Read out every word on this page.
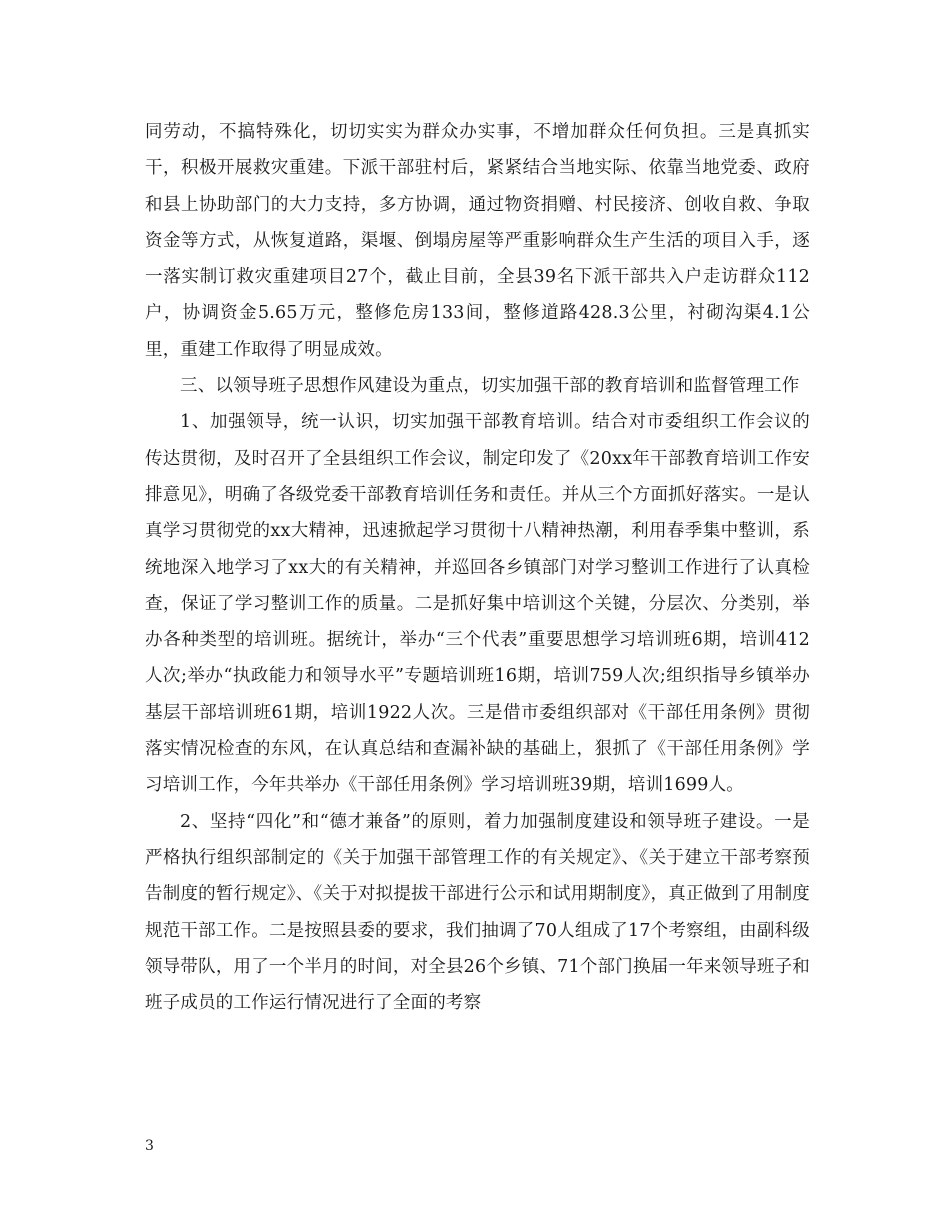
同劳动，不搞特殊化，切切实实为群众办实事，不增加群众任何负担。三是真抓实干，积极开展救灾重建。下派干部驻村后，紧紧结合当地实际、依靠当地党委、政府和县上协助部门的大力支持，多方协调，通过物资捐赠、村民接济、创收自救、争取资金等方式，从恢复道路，渠堰、倒塌房屋等严重影响群众生产生活的项目入手，逐一落实制订救灾重建项目27个，截止目前，全县39名下派干部共入户走访群众112户，协调资金5.65万元，整修危房133间，整修道路428.3公里，衬砌沟渠4.1公里，重建工作取得了明显成效。

三、以领导班子思想作风建设为重点，切实加强干部的教育培训和监督管理工作

1、加强领导，统一认识，切实加强干部教育培训。结合对市委组织工作会议的传达贯彻，及时召开了全县组织工作会议，制定印发了《20xx年干部教育培训工作安排意见》，明确了各级党委干部教育培训任务和责任。并从三个方面抓好落实。一是认真学习贯彻党的xx大精神，迅速掀起学习贯彻十八精神热潮，利用春季集中整训，系统地深入地学习了xx大的有关精神，并巡回各乡镇部门对学习整训工作进行了认真检查，保证了学习整训工作的质量。二是抓好集中培训这个关键，分层次、分类别，举办各种类型的培训班。据统计，举办“三个代表”重要思想学习培训班6期，培训412人次;举办“执政能力和领导水平”专题培训班16期，培训759人次;组织指导乡镇举办基层干部培训班61期，培训1922人次。三是借市委组织部对《干部任用条例》贯彻落实情况检查的东风，在认真总结和查漏补缺的基础上，狠抓了《干部任用条例》学习培训工作，今年共举办《干部任用条例》学习培训班39期，培训1699人。

2、坚持“四化”和“德才兼备”的原则，着力加强制度建设和领导班子建设。一是严格执行组织部制定的《关于加强干部管理工作的有关规定》、《关于建立干部考察预告制度的暂行规定》、《关于对拟提拔干部进行公示和试用期制度》，真正做到了用制度规范干部工作。二是按照县委的要求，我们抽调了70人组成了17个考察组，由副科级领导带队，用了一个半月的时间，对全县26个乡镇、71个部门换届一年来领导班子和班子成员的工作运行情况进行了全面的考察

3
